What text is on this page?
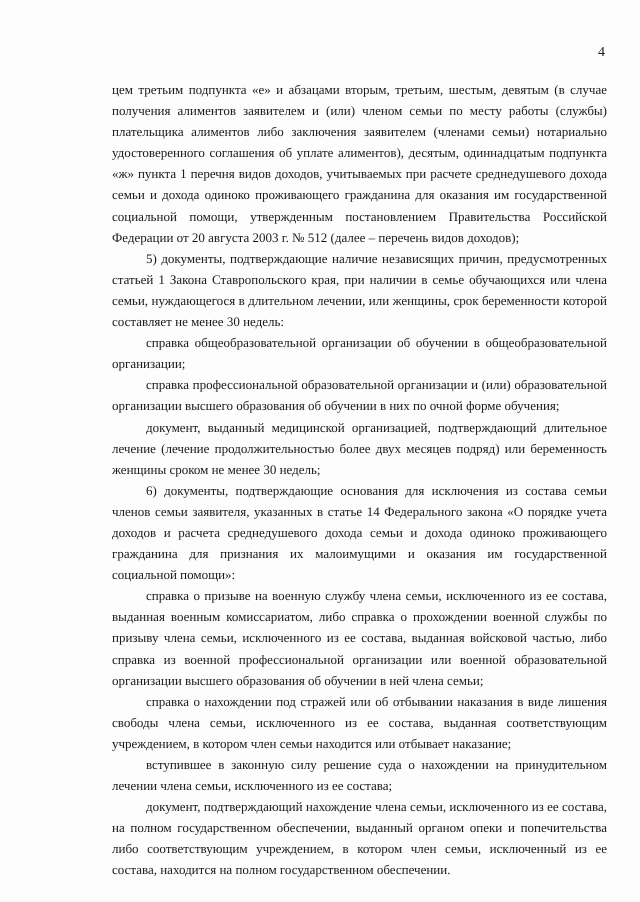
4

цем третьим подпункта «е» и абзацами вторым, третьим, шестым, девятым (в случае получения алиментов заявителем и (или) членом семьи по месту работы (службы) плательщика алиментов либо заключения заявителем (членами семьи) нотариально удостоверенного соглашения об уплате алиментов), десятым, одиннадцатым подпункта «ж» пункта 1 перечня видов доходов, учитываемых при расчете среднедушевого дохода семьи и дохода одиноко проживающего гражданина для оказания им государственной социальной помощи, утвержденным постановлением Правительства Российской Федерации от 20 августа 2003 г. № 512 (далее – перечень видов доходов);

5) документы, подтверждающие наличие независящих причин, предусмотренных статьей 1 Закона Ставропольского края, при наличии в семье обучающихся или члена семьи, нуждающегося в длительном лечении, или женщины, срок беременности которой составляет не менее 30 недель:

справка общеобразовательной организации об обучении в общеобразовательной организации;

справка профессиональной образовательной организации и (или) образовательной организации высшего образования об обучении в них по очной форме обучения;

документ, выданный медицинской организацией, подтверждающий длительное лечение (лечение продолжительностью более двух месяцев подряд) или беременность женщины сроком не менее 30 недель;

6) документы, подтверждающие основания для исключения из состава семьи членов семьи заявителя, указанных в статье 14 Федерального закона «О порядке учета доходов и расчета среднедушевого дохода семьи и дохода одиноко проживающего гражданина для признания их малоимущими и оказания им государственной социальной помощи»:

справка о призыве на военную службу члена семьи, исключенного из ее состава, выданная военным комиссариатом, либо справка о прохождении военной службы по призыву члена семьи, исключенного из ее состава, выданная войсковой частью, либо справка из военной профессиональной организации или военной образовательной организации высшего образования об обучении в ней члена семьи;

справка о нахождении под стражей или об отбывании наказания в виде лишения свободы члена семьи, исключенного из ее состава, выданная соответствующим учреждением, в котором член семьи находится или отбывает наказание;

вступившее в законную силу решение суда о нахождении на принудительном лечении члена семьи, исключенного из ее состава;

документ, подтверждающий нахождение члена семьи, исключенного из ее состава, на полном государственном обеспечении, выданный органом опеки и попечительства либо соответствующим учреждением, в котором член семьи, исключенный из ее состава, находится на полном государственном обеспечении.
